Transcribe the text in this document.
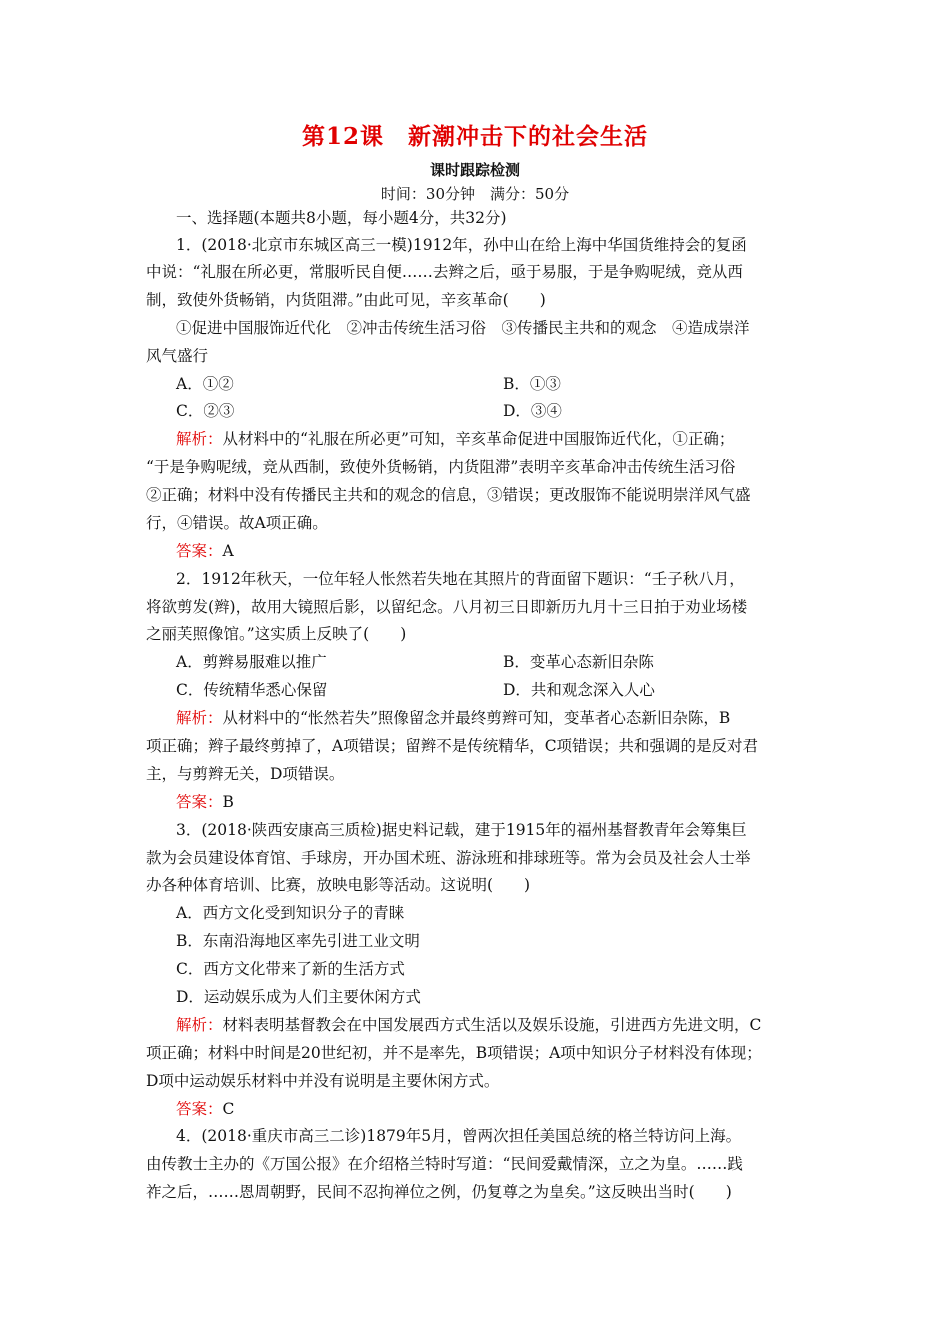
第12课　新潮冲击下的社会生活
课时跟踪检测
时间：30分钟　满分：50分
一、选择题(本题共8小题，每小题4分，共32分)
1．(2018·北京市东城区高三一模)1912年，孙中山在给上海中华国货维持会的复函
中说：“礼服在所必更，常服听民自便……去辫之后，亟于易服，于是争购呢绒，竞从西
制，致使外货畅销，内货阻滞。”由此可见，辛亥革命(　　)
①促进中国服饰近代化　②冲击传统生活习俗　③传播民主共和的观念　④造成崇洋
风气盛行
A．①②	B．①③
C．②③	D．③④
解析：从材料中的“礼服在所必更”可知，辛亥革命促进中国服饰近代化，①正确；
“于是争购呢绒，竞从西制，致使外货畅销，内货阻滞”表明辛亥革命冲击传统生活习俗
②正确；材料中没有传播民主共和的观念的信息，③错误；更改服饰不能说明崇洋风气盛
行，④错误。故A项正确。
答案：A
2．1912年秋天，一位年轻人怅然若失地在其照片的背面留下题识：“壬子秋八月，
将欲剪发(辫)，故用大镜照后影，以留纪念。八月初三日即新历九月十三日拍于劝业场楼
之丽芙照像馆。”这实质上反映了(　　)
A．剪辫易服难以推广	B．变革心态新旧杂陈
C．传统精华悉心保留	D．共和观念深入人心
解析：从材料中的“怅然若失”照像留念并最终剪辫可知，变革者心态新旧杂陈，B
项正确；辫子最终剪掉了，A项错误；留辫不是传统精华，C项错误；共和强调的是反对君
主，与剪辫无关，D项错误。
答案：B
3．(2018·陕西安康高三质检)据史料记载，建于1915年的福州基督教青年会筹集巨
款为会员建设体育馆、手球房，开办国术班、游泳班和排球班等。常为会员及社会人士举
办各种体育培训、比赛，放映电影等活动。这说明(　　)
A．西方文化受到知识分子的青睐
B．东南沿海地区率先引进工业文明
C．西方文化带来了新的生活方式
D．运动娱乐成为人们主要休闲方式
解析：材料表明基督教会在中国发展西方式生活以及娱乐设施，引进西方先进文明，C
项正确；材料中时间是20世纪初，并不是率先，B项错误；A项中知识分子材料没有体现；
D项中运动娱乐材料中并没有说明是主要休闲方式。
答案：C
4．(2018·重庆市高三二诊)1879年5月，曾两次担任美国总统的格兰特访问上海。
由传教士主办的《万国公报》在介绍格兰特时写道：“民间爱戴情深，立之为皇。……践
祚之后，……恩周朝野，民间不忍拘禅位之例，仍复尊之为皇矣。”这反映出当时(　　)
